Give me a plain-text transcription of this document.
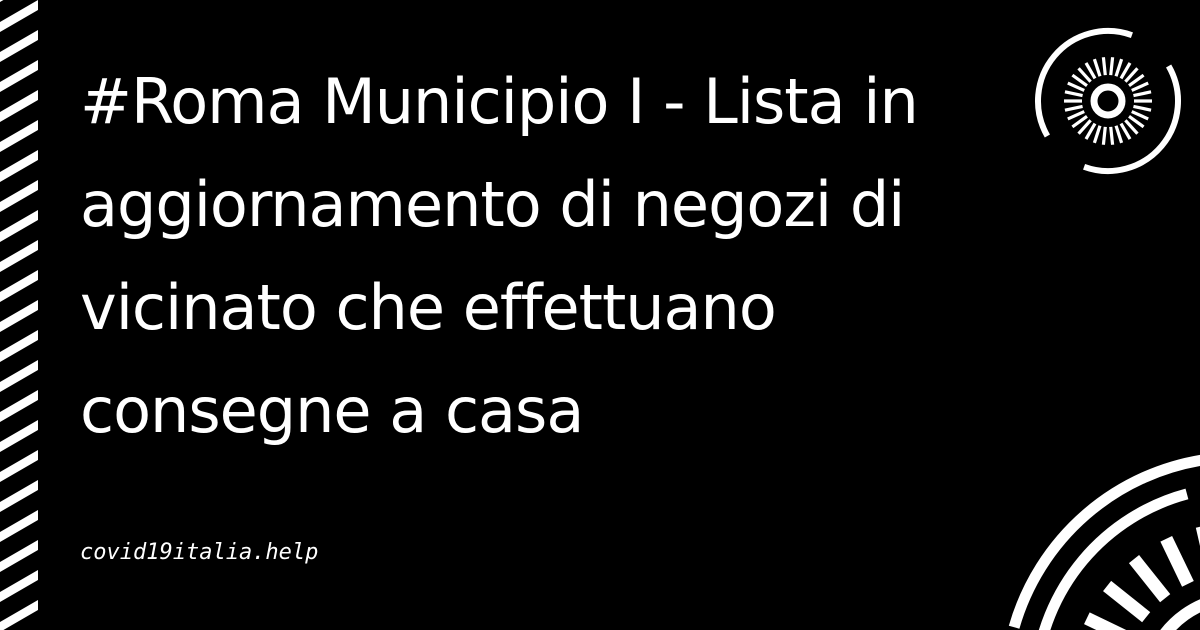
#Roma Municipio I - Lista in aggiornamento di negozi di vicinato che effettuano consegne a casa
covid19italia.help
